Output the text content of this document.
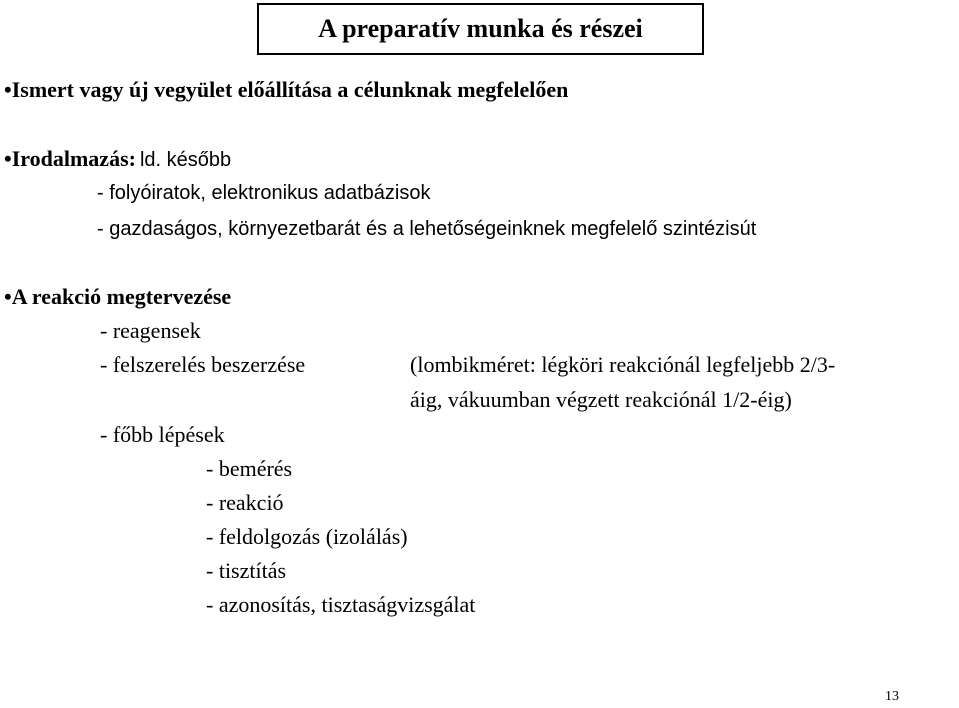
A preparatív munka és részei
•Ismert vagy új vegyület előállítása a célunknak megfelelően
•Irodalmazás: ld. később
- folyóiratok, elektronikus adatbázisok
- gazdaságos, környezetbarát és a lehetőségeinknek megfelelő szintézisút
•A reakció megtervezése
- reagensek
- felszerelés beszerzése	(lombikméret: légköri reakciónál legfeljebb 2/3-
áig, vákuumban végzett reakciónál 1/2-éig)
- főbb lépések
- bemérés
- reakció
- feldolgozás (izolálás)
- tisztítás
- azonosítás, tisztaságvizsgálat
13
